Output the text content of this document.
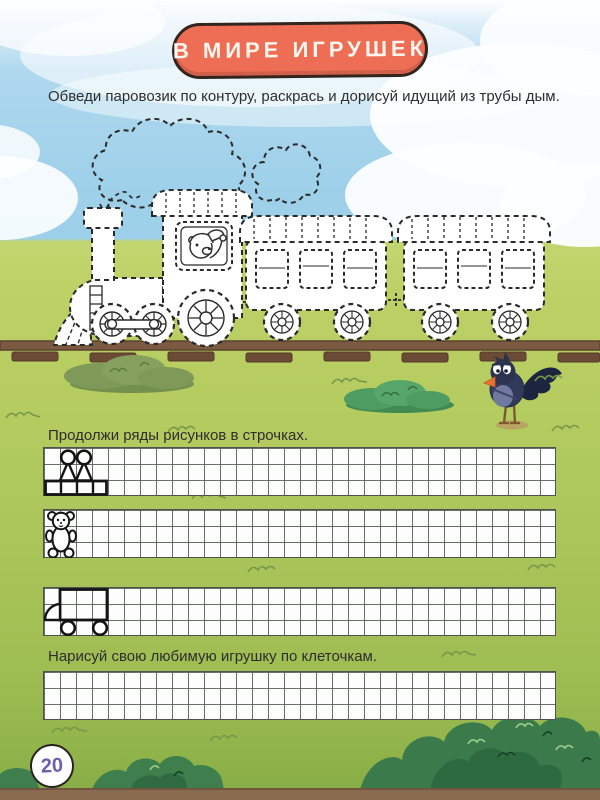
В МИРЕ ИГРУШЕК
Обведи паровозик по контуру, раскрась и дорисуй идущий из трубы дым.
Продолжи ряды рисунков в строчках.
Нарисуй свою любимую игрушку по клеточкам.
20
